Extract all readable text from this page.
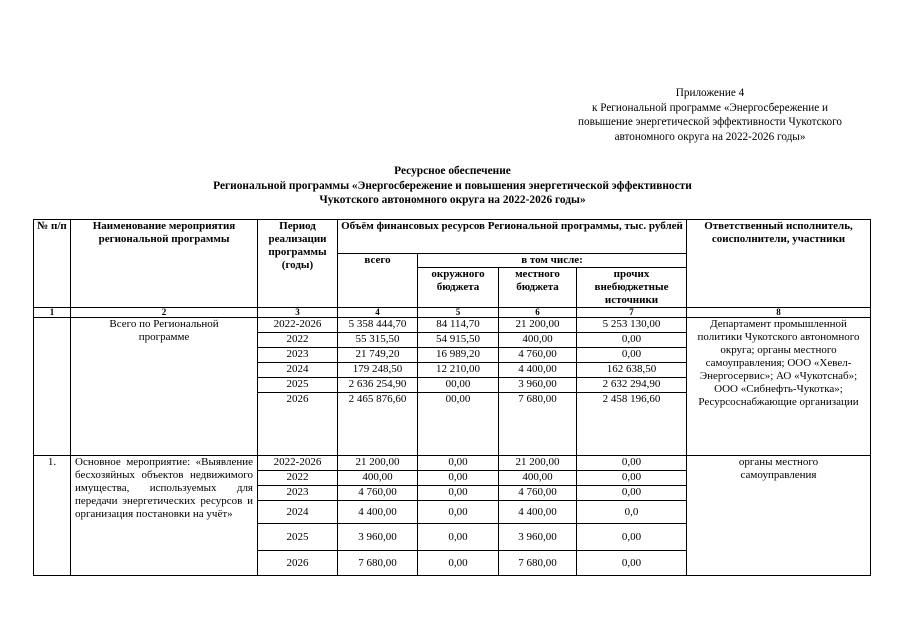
Приложение 4
к Региональной программе «Энергосбережение и
повышение энергетической эффективности Чукотского
автономного округа на 2022-2026 годы»
Ресурсное обеспечение
Региональной программы «Энергосбережение и повышения энергетической эффективности
Чукотского автономного округа на 2022-2026 годы»
№ п/п	Наименование мероприятия региональной программы	Период реализации программы (годы)	Объём финансовых ресурсов Региональной программы, тыс. рублей				Ответственный исполнитель, соисполнители, участники
			всего	в том числе:			
				окружного бюджета	местного бюджета	прочих внебюджетные источники	
1	2	3	4	5	6	7	8
	Всего по Региональной программе	2022-2026	5 358 444,70	84 114,70	21 200,00	5 253 130,00	Департамент промышленной политики Чукотского автономного округа; органы местного самоуправления; ООО «Хевел-Энергосервис»; АО «Чукотснаб»; ООО «Сибнефть-Чукотка»; Ресурсоснабжающие организации
		2022	55 315,50	54 915,50	400,00	0,00	
		2023	21 749,20	16 989,20	4 760,00	0,00	
		2024	179 248,50	12 210,00	4 400,00	162 638,50	
		2025	2 636 254,90	00,00	3 960,00	2 632 294,90	
		2026	2 465 876,60	00,00	7 680,00	2 458 196,60	
1.	Основное мероприятие: «Выявление бесхозяйных объектов недвижимого имущества, используемых для передачи энергетических ресурсов и организация постановки на учёт»	2022-2026	21 200,00	0,00	21 200,00	0,00	органы местного самоуправления
		2022	400,00	0,00	400,00	0,00	
		2023	4 760,00	0,00	4 760,00	0,00	
		2024	4 400,00	0,00	4 400,00	0,0	
		2025	3 960,00	0,00	3 960,00	0,00	
		2026	7 680,00	0,00	7 680,00	0,00	
